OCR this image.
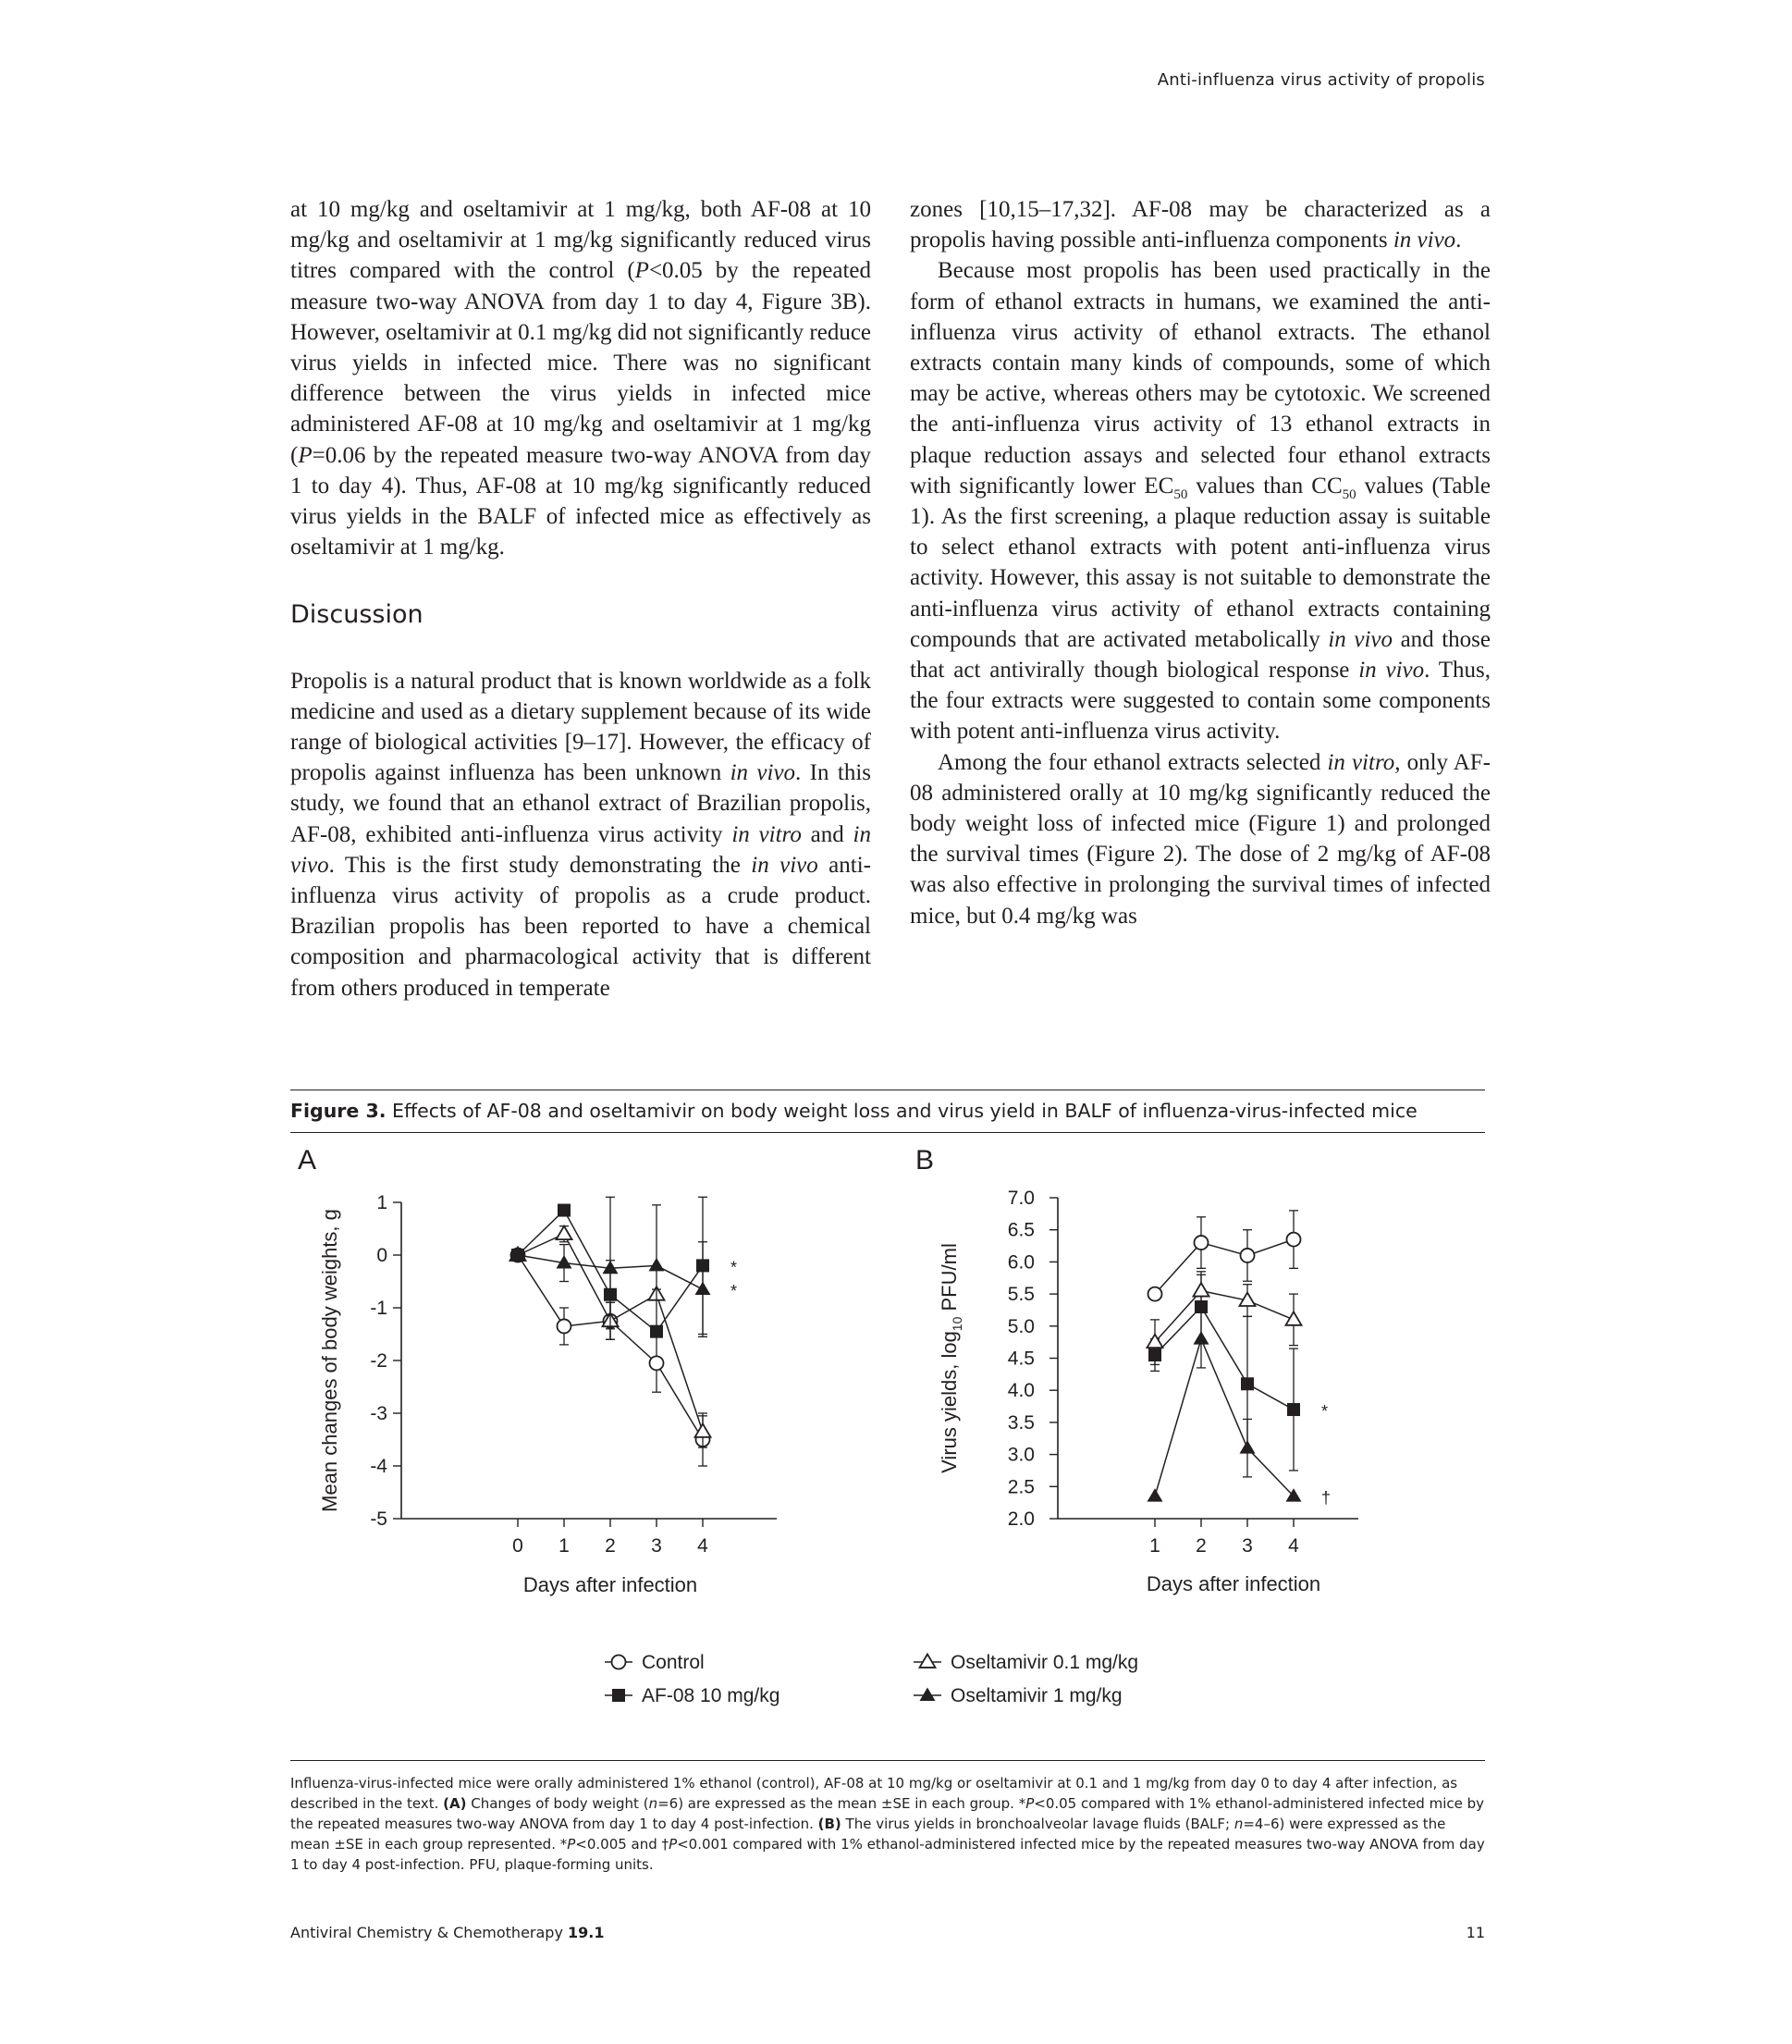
Anti-influenza virus activity of propolis

at 10 mg/kg and oseltamivir at 1 mg/kg, both AF-08 at 10 mg/kg and oseltamivir at 1 mg/kg significantly reduced virus titres compared with the control (P<0.05 by the repeated measure two-way ANOVA from day 1 to day 4, Figure 3B). However, oseltamivir at 0.1 mg/kg did not significantly reduce virus yields in infected mice. There was no significant difference between the virus yields in infected mice administered AF-08 at 10 mg/kg and oseltamivir at 1 mg/kg (P=0.06 by the repeated measure two-way ANOVA from day 1 to day 4). Thus, AF-08 at 10 mg/kg significantly reduced virus yields in the BALF of infected mice as effectively as oseltamivir at 1 mg/kg.

Discussion

Propolis is a natural product that is known worldwide as a folk medicine and used as a dietary supplement because of its wide range of biological activities [9–17]. However, the efficacy of propolis against influenza has been unknown in vivo. In this study, we found that an ethanol extract of Brazilian propolis, AF-08, exhibited anti-influenza virus activity in vitro and in vivo. This is the first study demonstrating the in vivo anti-influenza virus activity of propolis as a crude product. Brazilian propolis has been reported to have a chemical composition and pharmacological activity that is different from others produced in temperate

zones [10,15–17,32]. AF-08 may be characterized as a propolis having possible anti-influenza components in vivo.

Because most propolis has been used practically in the form of ethanol extracts in humans, we examined the anti-influenza virus activity of ethanol extracts. The ethanol extracts contain many kinds of compounds, some of which may be active, whereas others may be cytotoxic. We screened the anti-influenza virus activity of 13 ethanol extracts in plaque reduction assays and selected four ethanol extracts with significantly lower $EC_{50}$ values than $CC_{50}$ values (Table 1). As the first screening, a plaque reduction assay is suitable to select ethanol extracts with potent anti-influenza virus activity. However, this assay is not suitable to demonstrate the anti-influenza virus activity of ethanol extracts containing compounds that are activated metabolically in vivo and those that act antivirally though biological response in vivo. Thus, the four extracts were suggested to contain some components with potent anti-influenza virus activity.

Among the four ethanol extracts selected in vitro, only AF-08 administered orally at 10 mg/kg significantly reduced the body weight loss of infected mice (Figure 1) and prolonged the survival times (Figure 2). The dose of 2 mg/kg of AF-08 was also effective in prolonging the survival times of infected mice, but 0.4 mg/kg was

Figure 3. Effects of AF-08 and oseltamivir on body weight loss and virus yield in BALF of influenza-virus-infected mice
A
1
0
-1
-2
-3
-4
-5
0 1 2 3 4
Days after infection
Mean changes of body weights, g	*
*
B
7.0
6.5
6.0
5.5
5.0
4.5
4.0
3.5
3.0
2.5
2.0
1 2 3 4
Days after infection
Virus yields, $\log_{10} PFU/ml$
*
†
Control
AF-08 10 mg/kg
Oseltamivir 0.1 mg/kg
Oseltamivir 1 mg/kg
Influenza-virus-infected mice were orally administered 1% ethanol (control), AF-08 at 10 mg/kg or oseltamivir at 0.1 and 1 mg/kg from day 0 to day 4 after infection, as described in the text. (A) Changes of body weight (n=6) are expressed as the mean ±SE in each group. *P<0.05 compared with 1% ethanol-administered infected mice by the repeated measures two-way ANOVA from day 1 to day 4 post-infection. (B) The virus yields in bronchoalveolar lavage fluids (BALF; n=4–6) were expressed as the mean ±SE in each group represented. *P<0.005 and †P<0.001 compared with 1% ethanol-administered infected mice by the repeated measures two-way ANOVA from day 1 to day 4 post-infection. PFU, plaque-forming units.
Antiviral Chemistry & Chemotherapy 19.1	11
